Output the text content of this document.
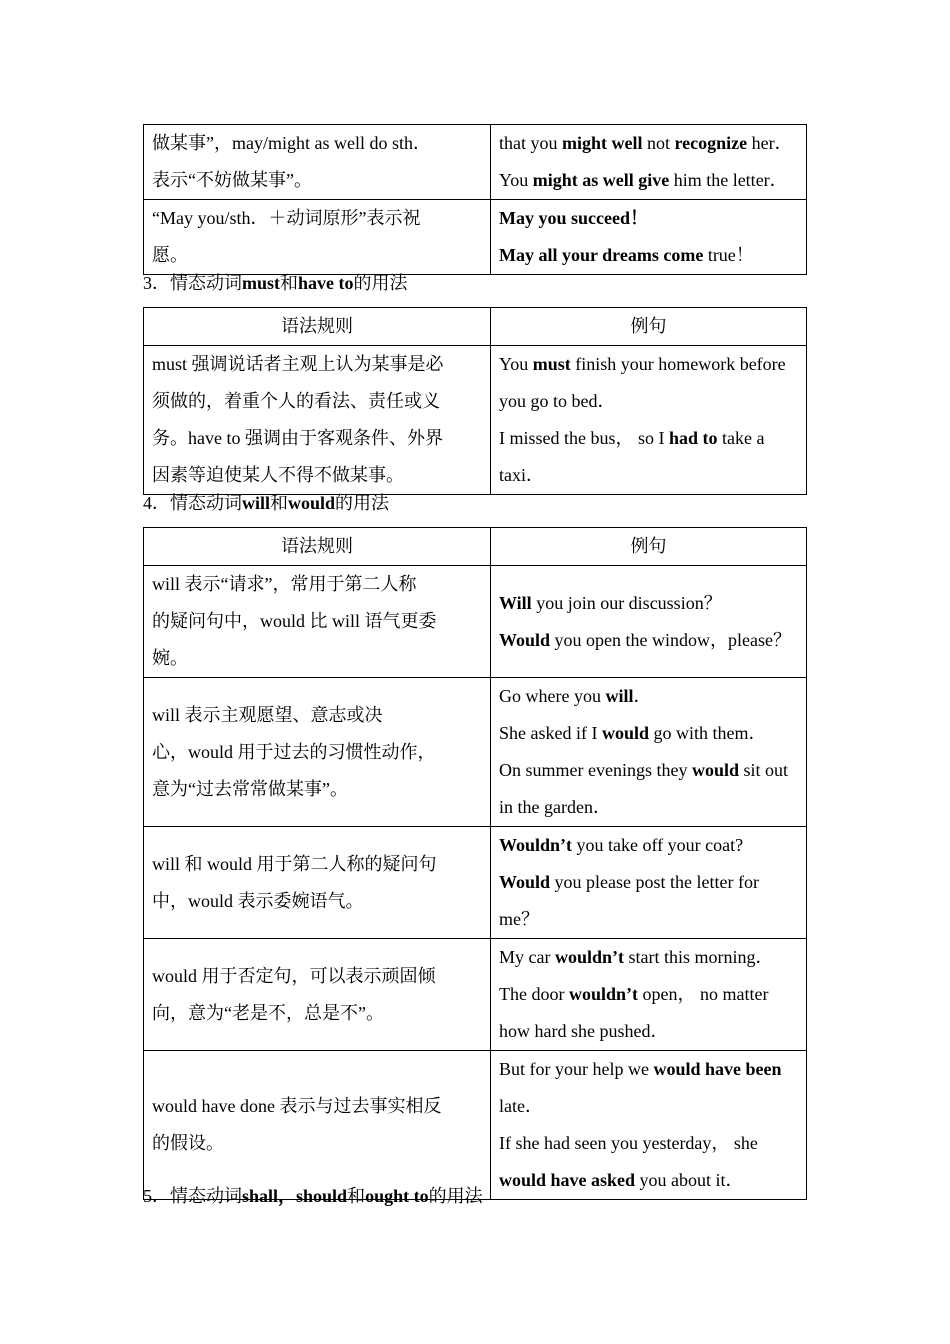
做某事”，may/might as well do sth．
表示“不妨做某事”。	that you might well not recognize her．
You might as well give him the letter．

“May you/sth．＋动词原形”表示祝
愿。	May you succeed！
May all your dreams come true！
3．情态动词must和have to的用法
语法规则	例句

must 强调说话者主观上认为某事是必
须做的，着重个人的看法、责任或义
务。have to 强调由于客观条件、外界
因素等迫使某人不得不做某事。	You must finish your homework before
you go to bed．
I missed the bus， so I had to take a
taxi．
4．情态动词will和would的用法
语法规则	例句

will 表示“请求”，常用于第二人称
的疑问句中，would 比 will 语气更委
婉。	Will you join our discussion？
Would you open the window，please？

will 表示主观愿望、意志或决
心，would 用于过去的习惯性动作，
意为“过去常常做某事”。	Go where you will．
She asked if I would go with them．
On summer evenings they would sit out
in the garden．

will 和 would 用于第二人称的疑问句
中，would 表示委婉语气。	Wouldn’t you take off your coat?
Would you please post the letter for
me？

would 用于否定句，可以表示顽固倾
向，意为“老是不，总是不”。	My car wouldn’t start this morning．
The door wouldn’t open， no matter
how hard she pushed．

would have done 表示与过去事实相反
的假设。	But for your help we would have been
late．
If she had seen you yesterday， she
would have asked you about it．
5．情态动词shall，should和ought to的用法
